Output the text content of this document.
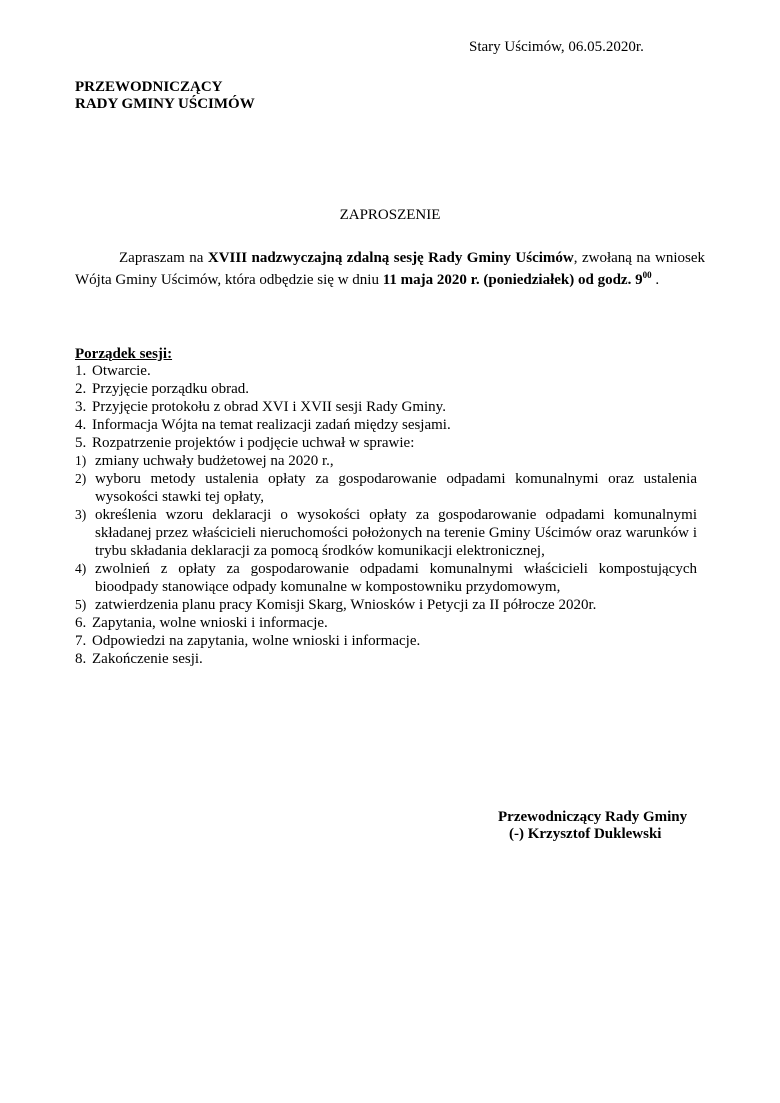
Stary Uścimów, 06.05.2020r.
PRZEWODNICZĄCY
RADY GMINY UŚCIMÓW
ZAPROSZENIE
Zapraszam na XVIII nadzwyczajną zdalną sesję Rady Gminy Uścimów, zwołaną na wniosek Wójta Gminy Uścimów, która odbędzie się w dniu 11 maja 2020 r. (poniedziałek) od godz. $9^{00}$ .
Porządek sesji:
1. Otwarcie.
2. Przyjęcie porządku obrad.
3. Przyjęcie protokołu z obrad XVI i XVII sesji Rady Gminy.
4. Informacja Wójta na temat realizacji zadań między sesjami.
5. Rozpatrzenie projektów i podjęcie uchwał w sprawie:
1) zmiany uchwały budżetowej na 2020 r.,
2) wyboru metody ustalenia opłaty za gospodarowanie odpadami komunalnymi oraz ustalenia wysokości stawki tej opłaty,
3) określenia wzoru deklaracji o wysokości opłaty za gospodarowanie odpadami komunalnymi składanej przez właścicieli nieruchomości położonych na terenie Gminy Uścimów oraz warunków i trybu składania deklaracji za pomocą środków komunikacji elektronicznej,
4) zwolnień z opłaty za gospodarowanie odpadami komunalnymi właścicieli kompostujących bioodpady stanowiące odpady komunalne w kompostowniku przydomowym,
5) zatwierdzenia planu pracy Komisji Skarg, Wniosków i Petycji za II półrocze 2020r.
6. Zapytania, wolne wnioski i informacje.
7. Odpowiedzi na zapytania, wolne wnioski i informacje.
8. Zakończenie sesji.
Przewodniczący Rady Gminy
(-) Krzysztof Duklewski
